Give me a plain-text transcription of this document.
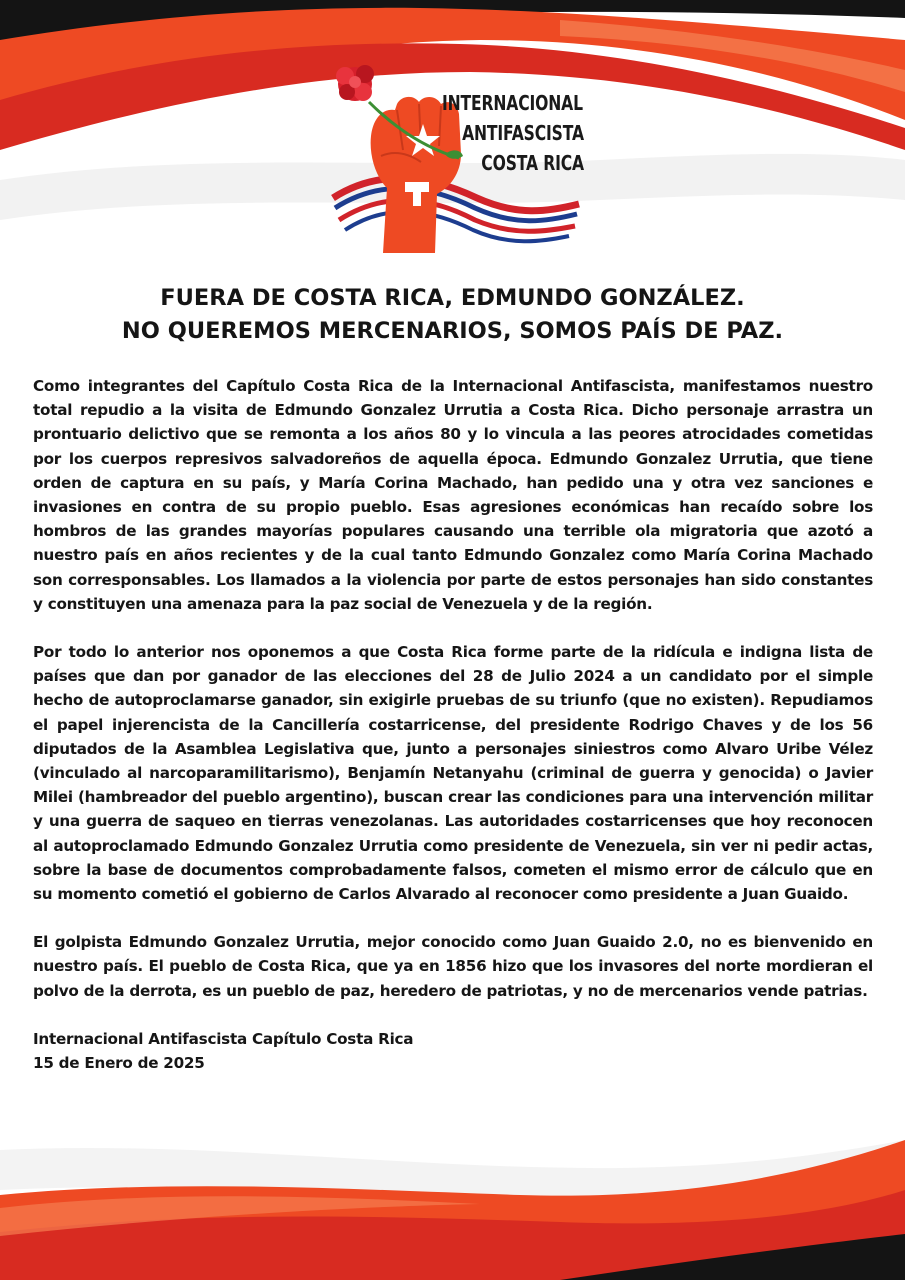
INTERNACIONAL
ANTIFASCISTA
COSTA RICA
FUERA DE COSTA RICA, EDMUNDO GONZÁLEZ.
NO QUEREMOS MERCENARIOS, SOMOS PAÍS DE PAZ.

Como integrantes del Capítulo Costa Rica de la Internacional Antifascista, manifestamos nuestro total repudio a la visita de Edmundo Gonzalez Urrutia a Costa Rica. Dicho personaje arrastra un prontuario delictivo que se remonta a los años 80 y lo vincula a las peores atrocidades cometidas por los cuerpos represivos salvadoreños de aquella época. Edmundo Gonzalez Urrutia, que tiene orden de captura en su país, y María Corina Machado, han pedido una y otra vez sanciones e invasiones en contra de su propio pueblo. Esas agresiones económicas han recaído sobre los hombros de las grandes mayorías populares causando una terrible ola migratoria que azotó a nuestro país en años recientes y de la cual tanto Edmundo Gonzalez como María Corina Machado son corresponsables. Los llamados a la violencia por parte de estos personajes han sido constantes y constituyen una amenaza para la paz social de Venezuela y de la región.

Por todo lo anterior nos oponemos a que Costa Rica forme parte de la ridícula e indigna lista de países que dan por ganador de las elecciones del 28 de Julio 2024 a un candidato por el simple hecho de autoproclamarse ganador, sin exigirle pruebas de su triunfo (que no existen). Repudiamos el papel injerencista de la Cancillería costarricense, del presidente Rodrigo Chaves y de los 56 diputados de la Asamblea Legislativa que, junto a personajes siniestros como Alvaro Uribe Vélez (vinculado al narcoparamilitarismo), Benjamín Netanyahu (criminal de guerra y genocida) o Javier Milei (hambreador del pueblo argentino), buscan crear las condiciones para una intervención militar y una guerra de saqueo en tierras venezolanas. Las autoridades costarricenses que hoy reconocen al autoproclamado Edmundo Gonzalez Urrutia como presidente de Venezuela, sin ver ni pedir actas, sobre la base de documentos comprobadamente falsos, cometen el mismo error de cálculo que en su momento cometió el gobierno de Carlos Alvarado al reconocer como presidente a Juan Guaido.

El golpista Edmundo Gonzalez Urrutia, mejor conocido como Juan Guaido 2.0, no es bienvenido en nuestro país. El pueblo de Costa Rica, que ya en 1856 hizo que los invasores del norte mordieran el polvo de la derrota, es un pueblo de paz, heredero de patriotas, y no de mercenarios vende patrias.

Internacional Antifascista Capítulo Costa Rica
15 de Enero de 2025
